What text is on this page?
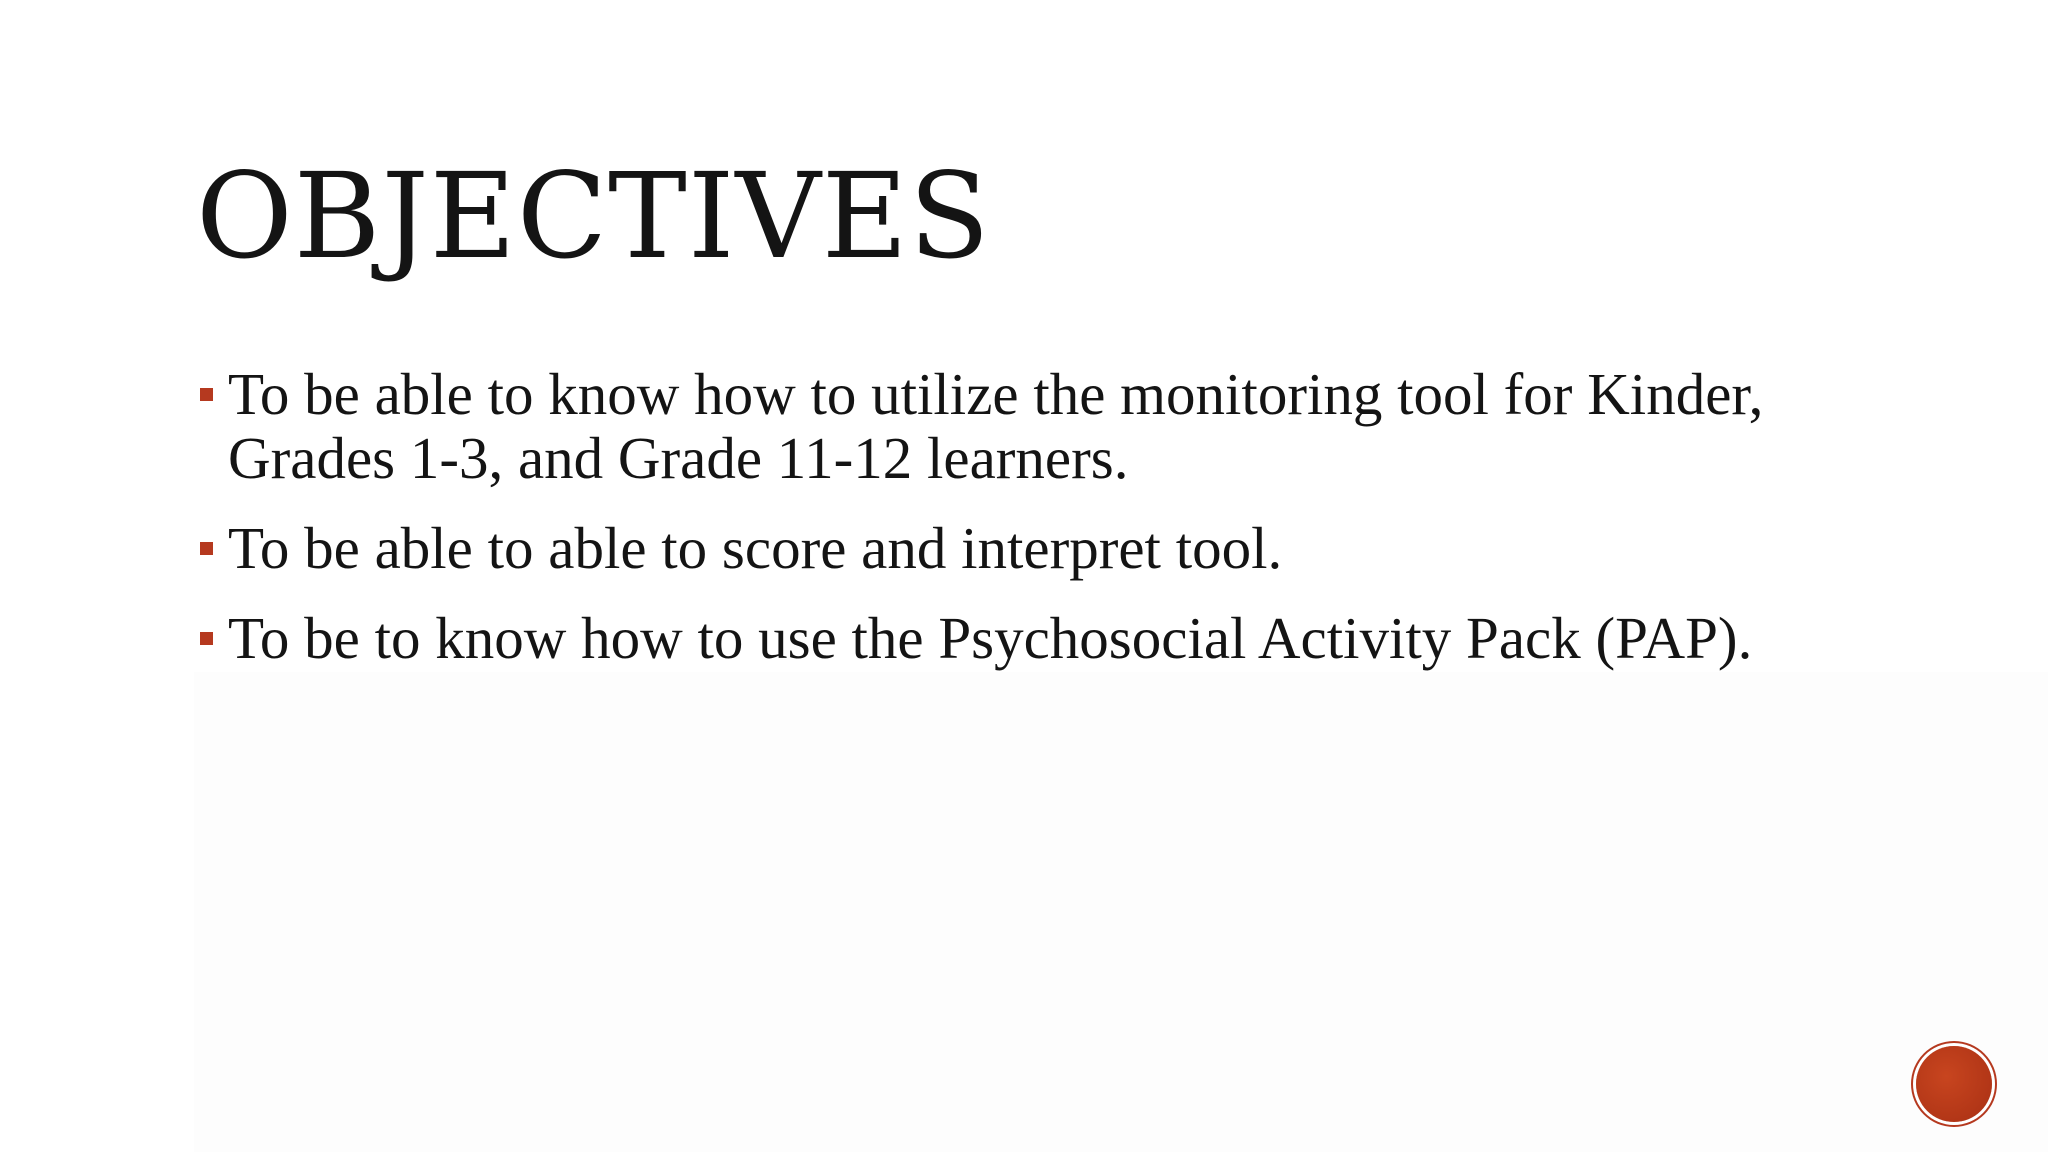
OBJECTIVES
To be able to know how to utilize the monitoring tool for Kinder, Grades 1-3, and Grade 11-12 learners.
To be able to able to score and interpret tool.
To be to know how to use the Psychosocial Activity Pack (PAP).
